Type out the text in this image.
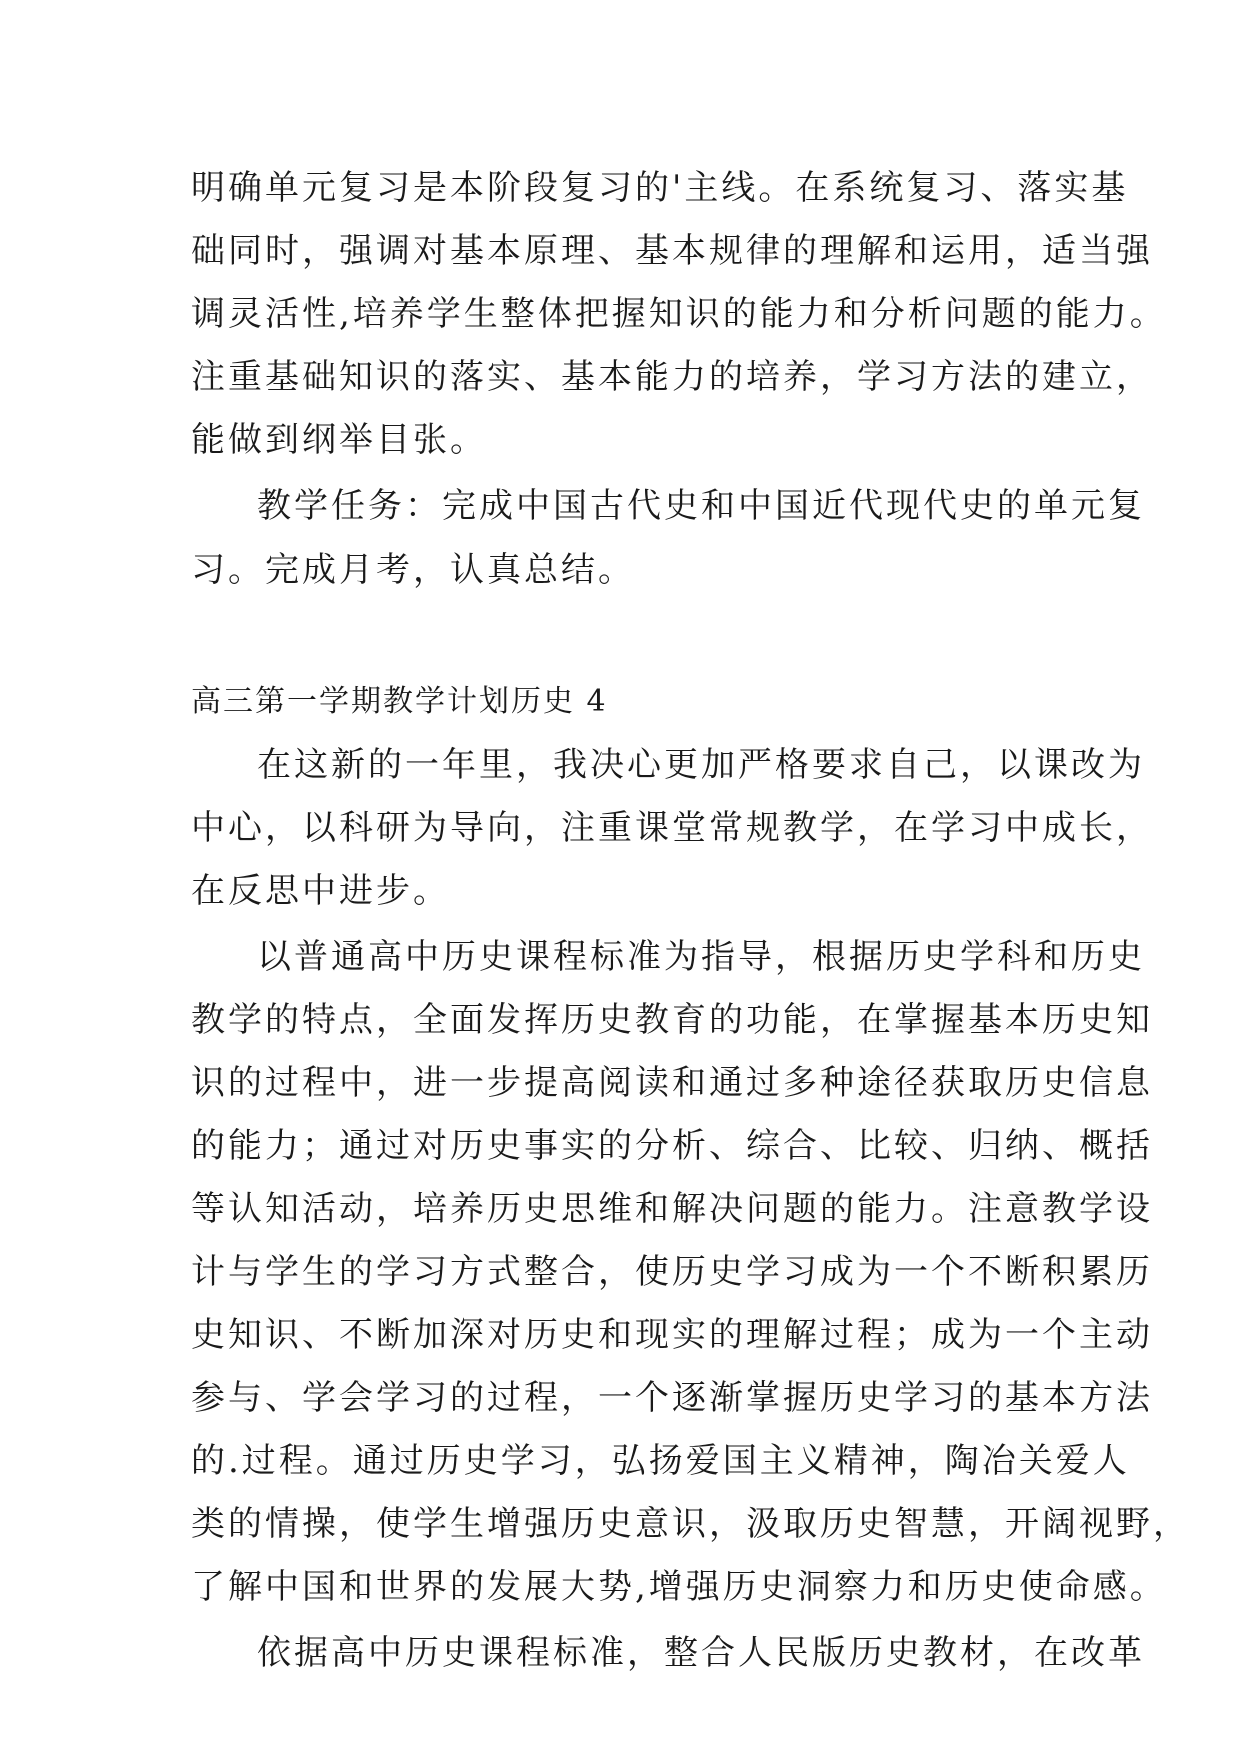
明确单元复习是本阶段复习的'主线。在系统复习、落实基
础同时，强调对基本原理、基本规律的理解和运用，适当强
调灵活性,培养学生整体把握知识的能力和分析问题的能力。
注重基础知识的落实、基本能力的培养，学习方法的建立，
能做到纲举目张。
教学任务：完成中国古代史和中国近代现代史的单元复
习。完成月考，认真总结。
高三第一学期教学计划历史 4
在这新的一年里，我决心更加严格要求自己，以课改为
中心，以科研为导向，注重课堂常规教学，在学习中成长，
在反思中进步。
以普通高中历史课程标准为指导，根据历史学科和历史
教学的特点，全面发挥历史教育的功能，在掌握基本历史知
识的过程中，进一步提高阅读和通过多种途径获取历史信息
的能力；通过对历史事实的分析、综合、比较、归纳、概括
等认知活动，培养历史思维和解决问题的能力。注意教学设
计与学生的学习方式整合，使历史学习成为一个不断积累历
史知识、不断加深对历史和现实的理解过程；成为一个主动
参与、学会学习的过程，一个逐渐掌握历史学习的基本方法
的.过程。通过历史学习，弘扬爱国主义精神，陶冶关爱人
类的情操，使学生增强历史意识，汲取历史智慧，开阔视野，
了解中国和世界的发展大势,增强历史洞察力和历史使命感。
依据高中历史课程标准，整合人民版历史教材，在改革
